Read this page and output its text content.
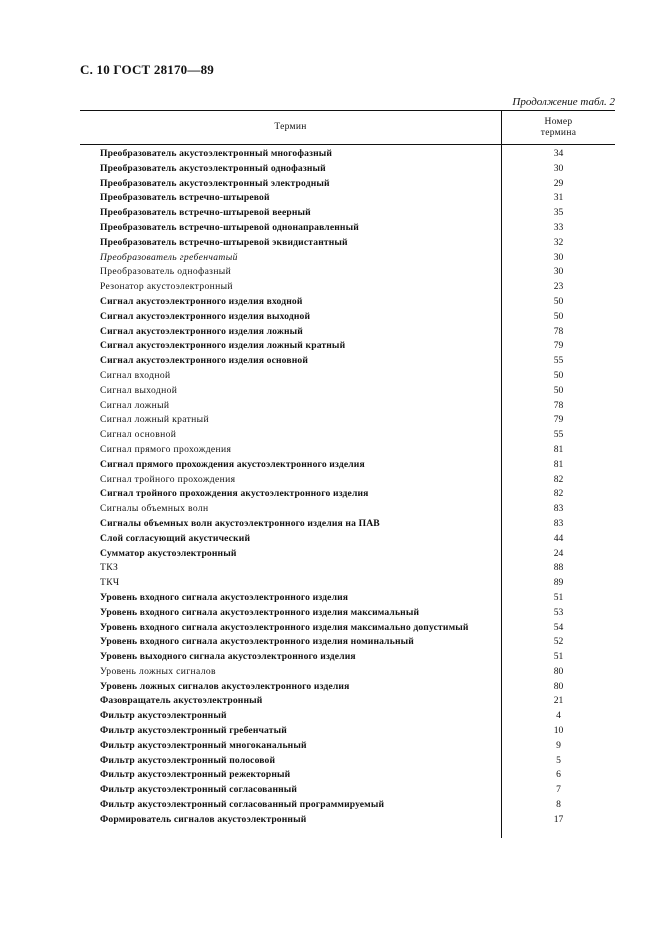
С. 10 ГОСТ 28170—89
Продолжение табл. 2
Термин	Номер
термина
Преобразователь акустоэлектронный многофазный	34
Преобразователь акустоэлектронный однофазный	30
Преобразователь акустоэлектронный электродный	29
Преобразователь встречно-штыревой	31
Преобразователь встречно-штыревой веерный	35
Преобразователь встречно-штыревой однонаправленный	33
Преобразователь встречно-штыревой эквидистантный	32
Преобразователь гребенчатый	30
Преобразователь однофазный	30
Резонатор акустоэлектронный	23
Сигнал акустоэлектронного изделия входной	50
Сигнал акустоэлектронного изделия выходной	50
Сигнал акустоэлектронного изделия ложный	78
Сигнал акустоэлектронного изделия ложный кратный	79
Сигнал акустоэлектронного изделия основной	55
Сигнал входной	50
Сигнал выходной	50
Сигнал ложный	78
Сигнал ложный кратный	79
Сигнал основной	55
Сигнал прямого прохождения	81
Сигнал прямого прохождения акустоэлектронного изделия	81
Сигнал тройного прохождения	82
Сигнал тройного прохождения акустоэлектронного изделия	82
Сигналы объемных волн	83
Сигналы объемных волн акустоэлектронного изделия на ПАВ	83
Слой согласующий акустический	44
Сумматор акустоэлектронный	24
ТКЗ	88
ТКЧ	89
Уровень входного сигнала акустоэлектронного изделия	51
Уровень входного сигнала акустоэлектронного изделия максимальный	53
Уровень входного сигнала акустоэлектронного изделия максимально допустимый	54
Уровень входного сигнала акустоэлектронного изделия номинальный	52
Уровень выходного сигнала акустоэлектронного изделия	51
Уровень ложных сигналов	80
Уровень ложных сигналов акустоэлектронного изделия	80
Фазовращатель акустоэлектронный	21
Фильтр акустоэлектронный	4
Фильтр акустоэлектронный гребенчатый	10
Фильтр акустоэлектронный многоканальный	9
Фильтр акустоэлектронный полосовой	5
Фильтр акустоэлектронный режекторный	6
Фильтр акустоэлектронный согласованный	7
Фильтр акустоэлектронный согласованный программируемый	8
Формирователь сигналов акустоэлектронный	17
